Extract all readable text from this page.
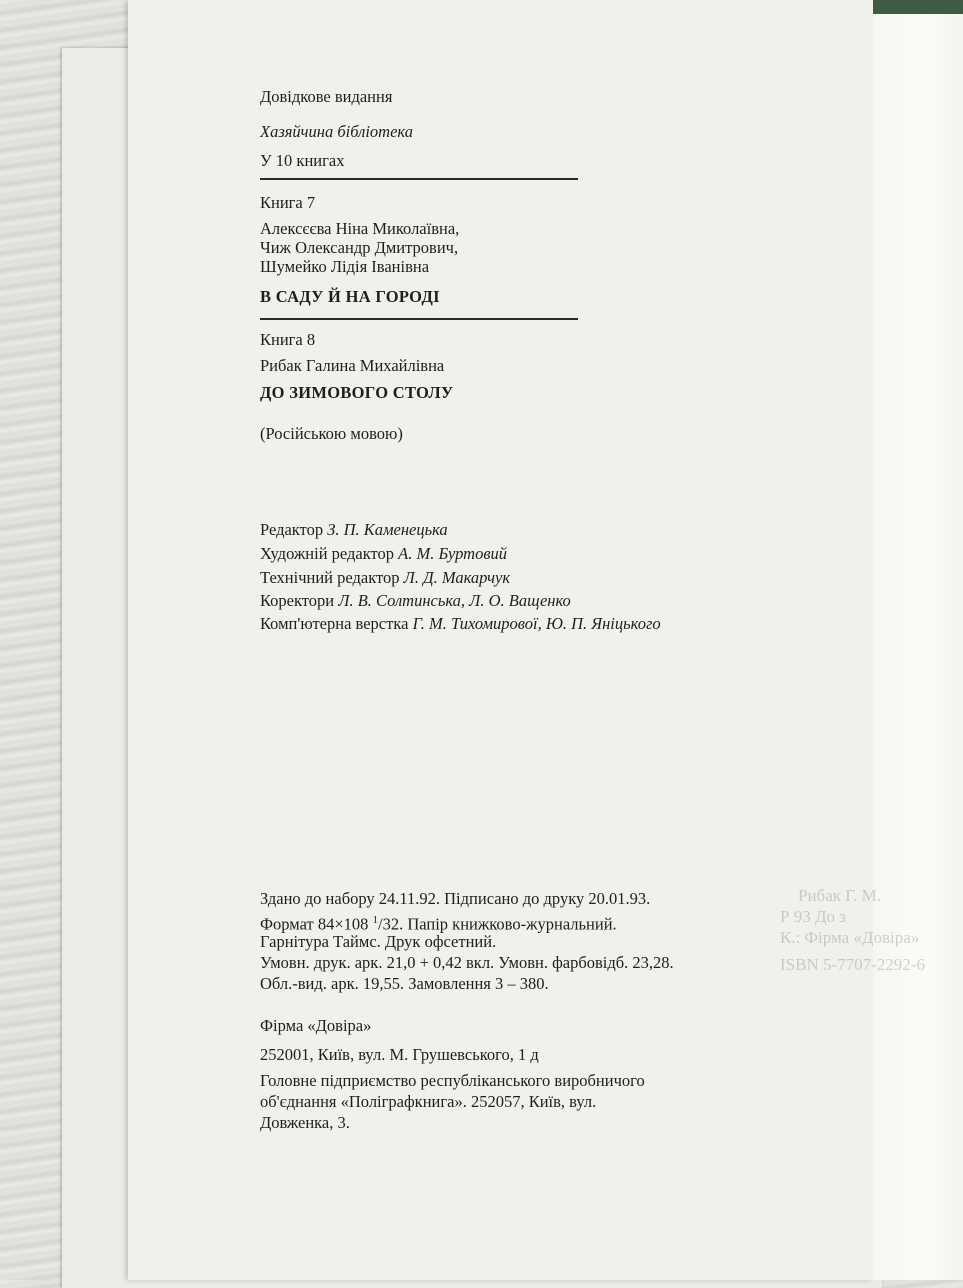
Рибак Г. М.
Р 93 До з
К.: Фірма «Довіра»
ISBN 5-7707-2292-6
Довідкове видання
Хазяйчина бібліотека
У 10 книгах
Книга 7
Алексєєва Ніна Миколаївна,
Чиж Олександр Дмитрович,
Шумейко Лідія Іванівна
В САДУ Й НА ГОРОДІ
Книга 8
Рибак Галина Михайлівна
ДО ЗИМОВОГО СТОЛУ
(Російською мовою)
Редактор З. П. Каменецька
Художній редактор А. М. Буртовий
Технічний редактор Л. Д. Макарчук
Коректори Л. В. Солтинська, Л. О. Ващенко
Комп'ютерна верстка Г. М. Тихомирової, Ю. П. Яніцького
Здано до набору 24.11.92. Підписано до друку 20.01.93.
Формат 84×108 $^1$/32. Папір книжково-журнальний.
Гарнітура Таймс. Друк офсетний.
Умовн. друк. арк. 21,0 + 0,42 вкл. Умовн. фарбовідб. 23,28.
Обл.-вид. арк. 19,55. Замовлення 3 – 380.
Фірма «Довіра»
252001, Київ, вул. М. Грушевського, 1 д
Головне підприємство республіканського виробничого
об'єднання «Поліграфкнига». 252057, Київ, вул.
Довженка, 3.
